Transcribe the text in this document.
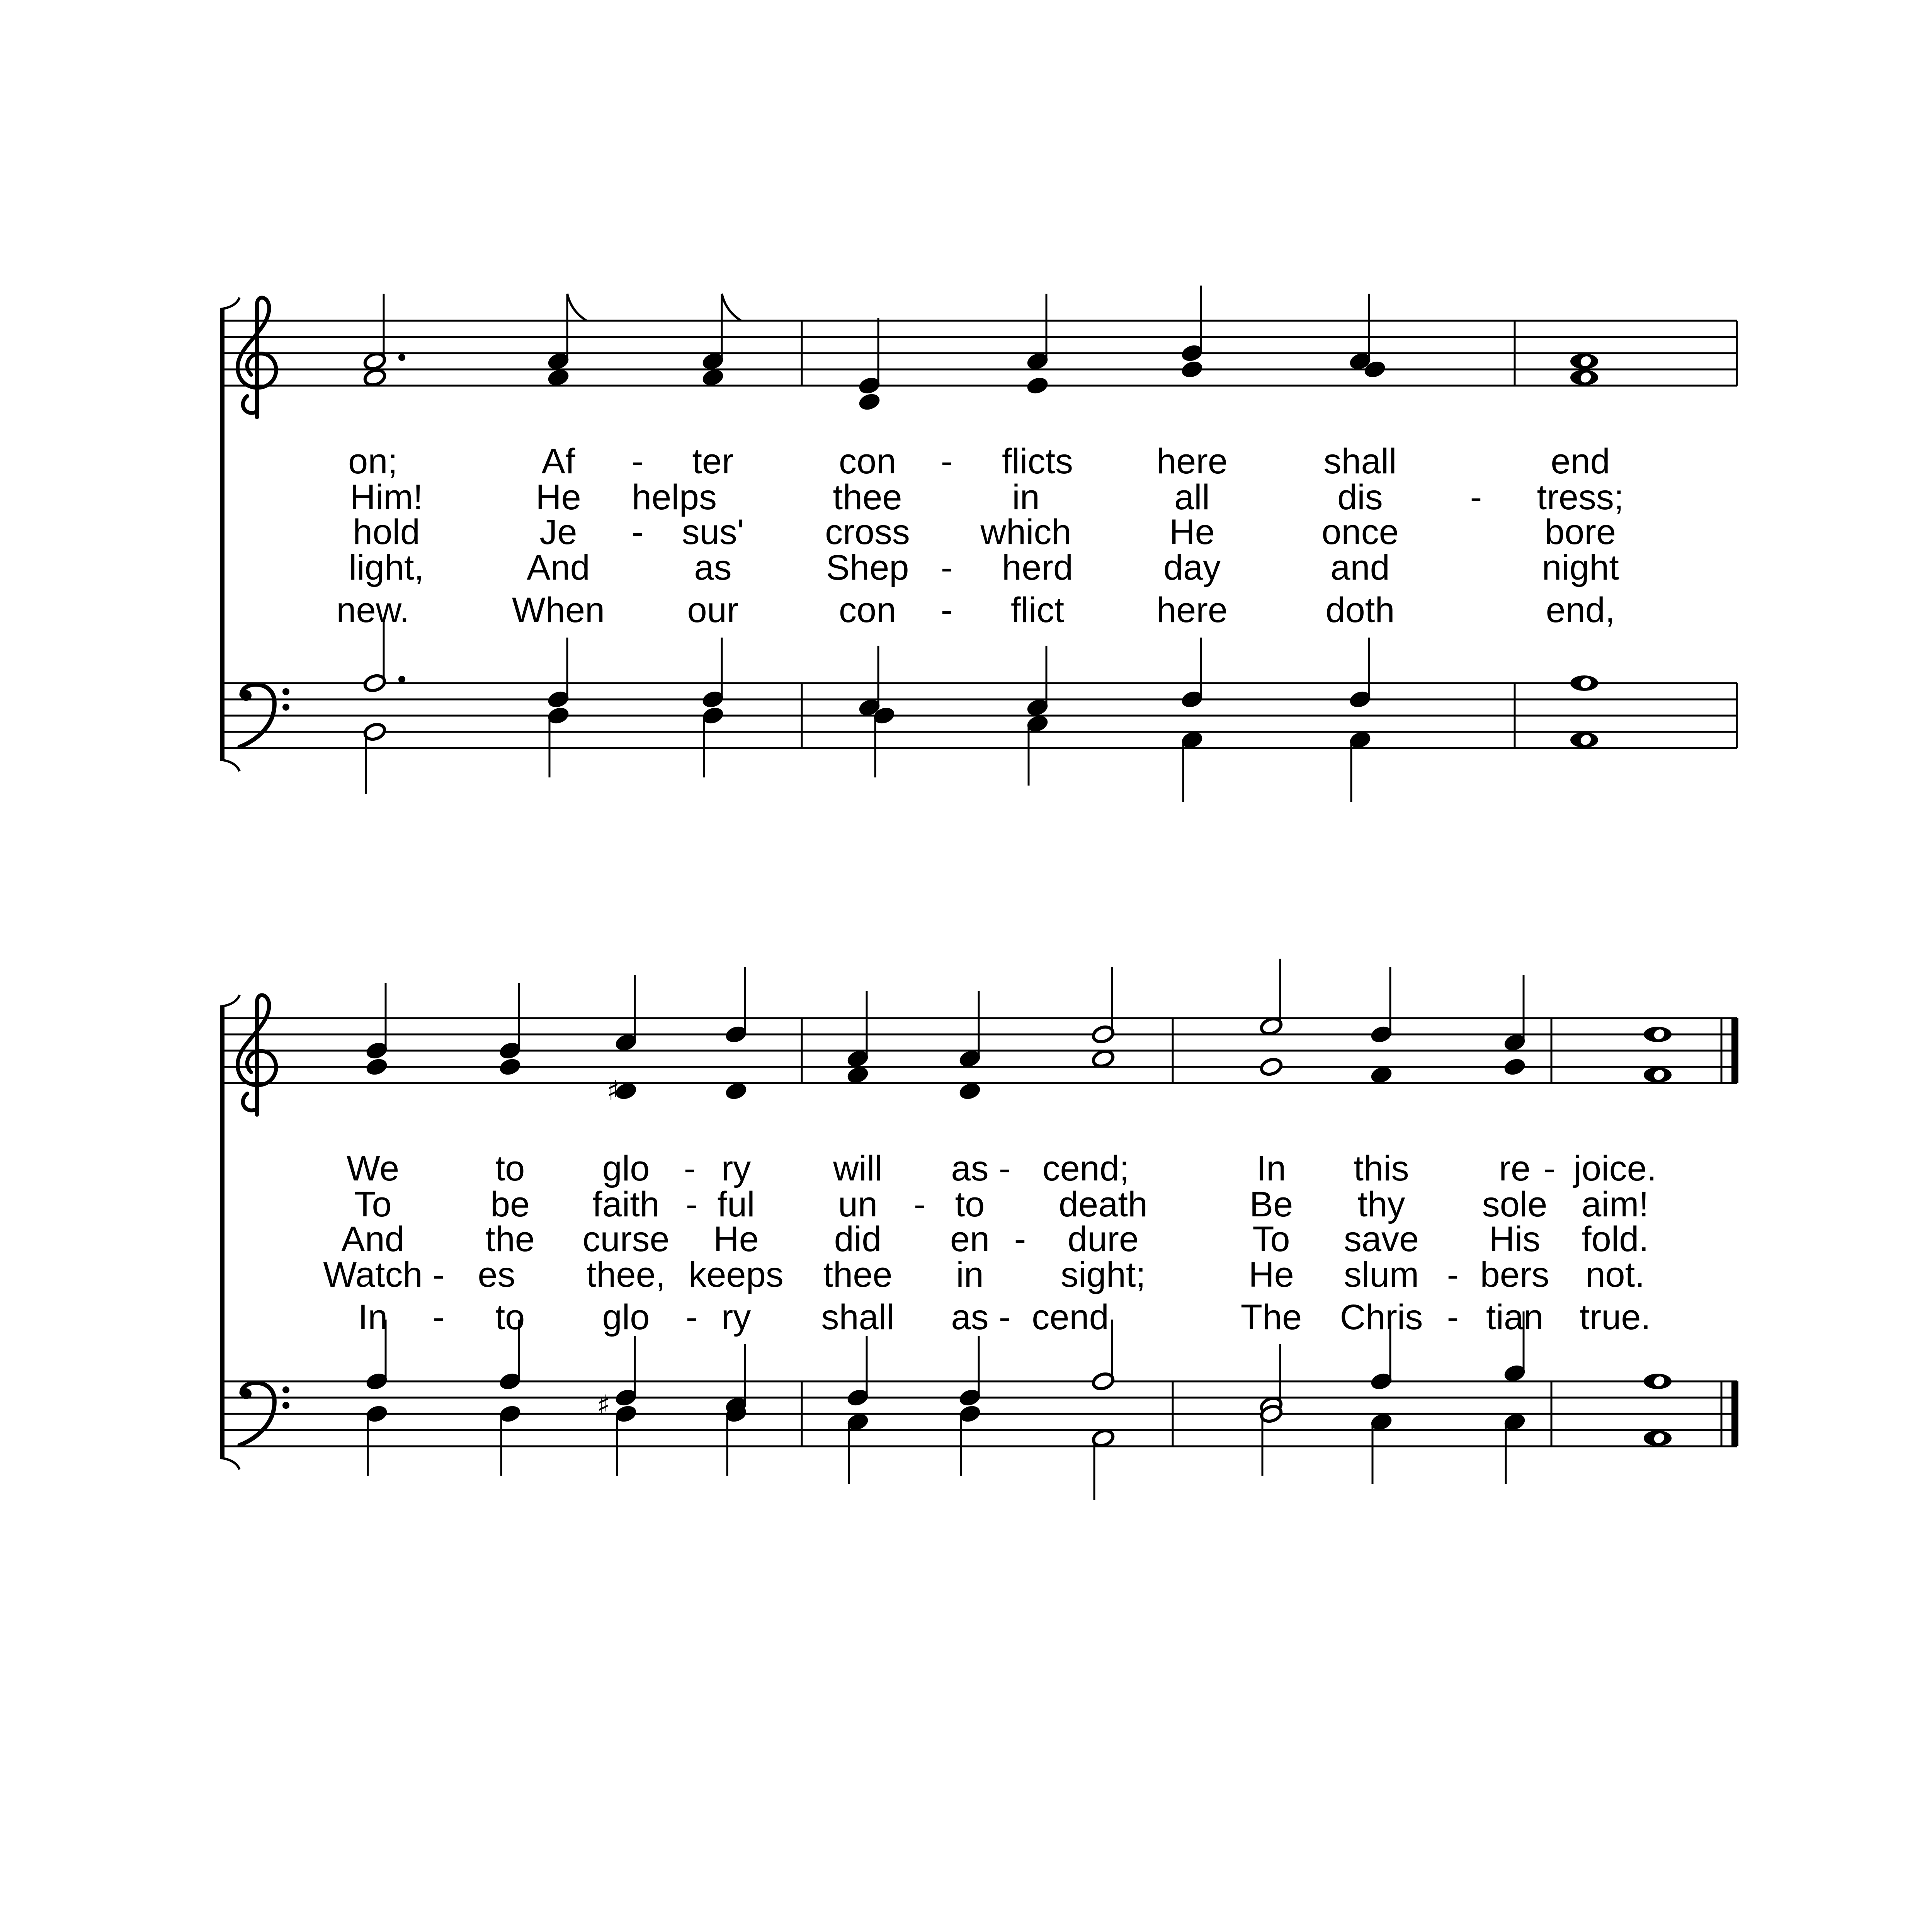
♯
♯
on;	Af - ter	con - flicts here	shall	end
Him!	He helps	thee	in	all	dis - tress;
hold	Je - sus' cross which	He	once	bore
light,	And	as	Shep - herd	day	and	night
new.	When our	con - flict	here	doth	end,
We	to glo - ry will as - cend;	In this	re - joice.
To	be faith - ful un - to death	Be thy sole aim!
And the curse He did en - dure	To save His fold.
Watch - es thee, keeps thee in sight;	He slum - bers not.
In - to glo - ry shall as - cend	The Chris - tian true.
